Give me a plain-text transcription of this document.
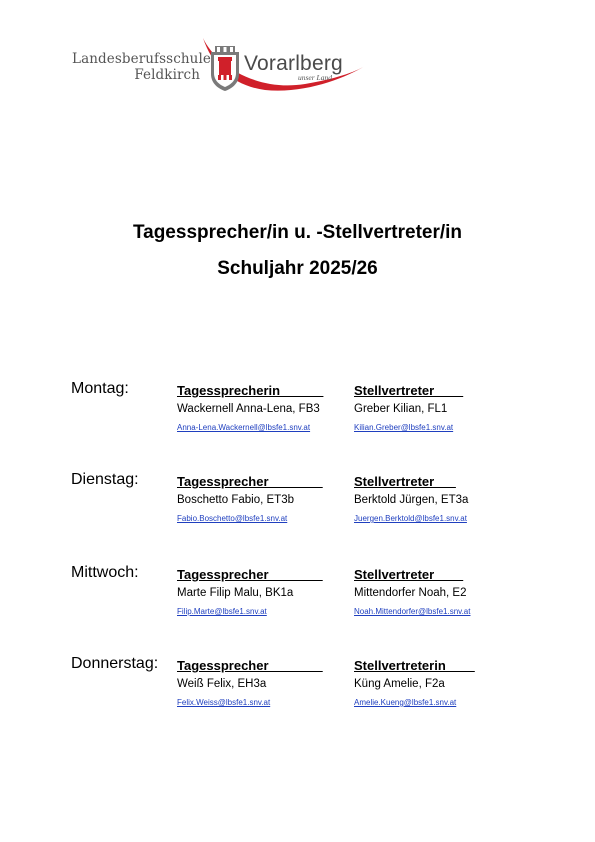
Landesberufsschule
Feldkirch Vorarlberg
unser Land
Tagessprecher/in u. -Stellvertreter/in
Schuljahr 2025/26
Montag:	Tagessprecherin Stellvertreter____
Wackernell Anna-Lena, FB3	Greber Kilian, FL1
Anna-Lena.Wackernell@lbsfe1.snv.at	Kilian.Greber@lbsfe1.snv.at
Dienstag:	Tagessprecher Stellvertreter
Boschetto Fabio, ET3b	Berktold Jürgen, ET3a
Fabio.Boschetto@lbsfe1.snv.at	Juergen.Berktold@lbsfe1.snv.at
Mittwoch:	Tagessprecher Stellvertreter____
Marte Filip Malu, BK1a	Mittendorfer Noah, E2
Filip.Marte@lbsfe1.snv.at	Noah.Mittendorfer@lbsfe1.snv.at
Donnerstag: Tagessprecher Stellvertreterin____
Weiß Felix, EH3a	Küng Amelie, F2a
Felix.Weiss@lbsfe1.snv.at	Amelie.Kueng@lbsfe1.snv.at
